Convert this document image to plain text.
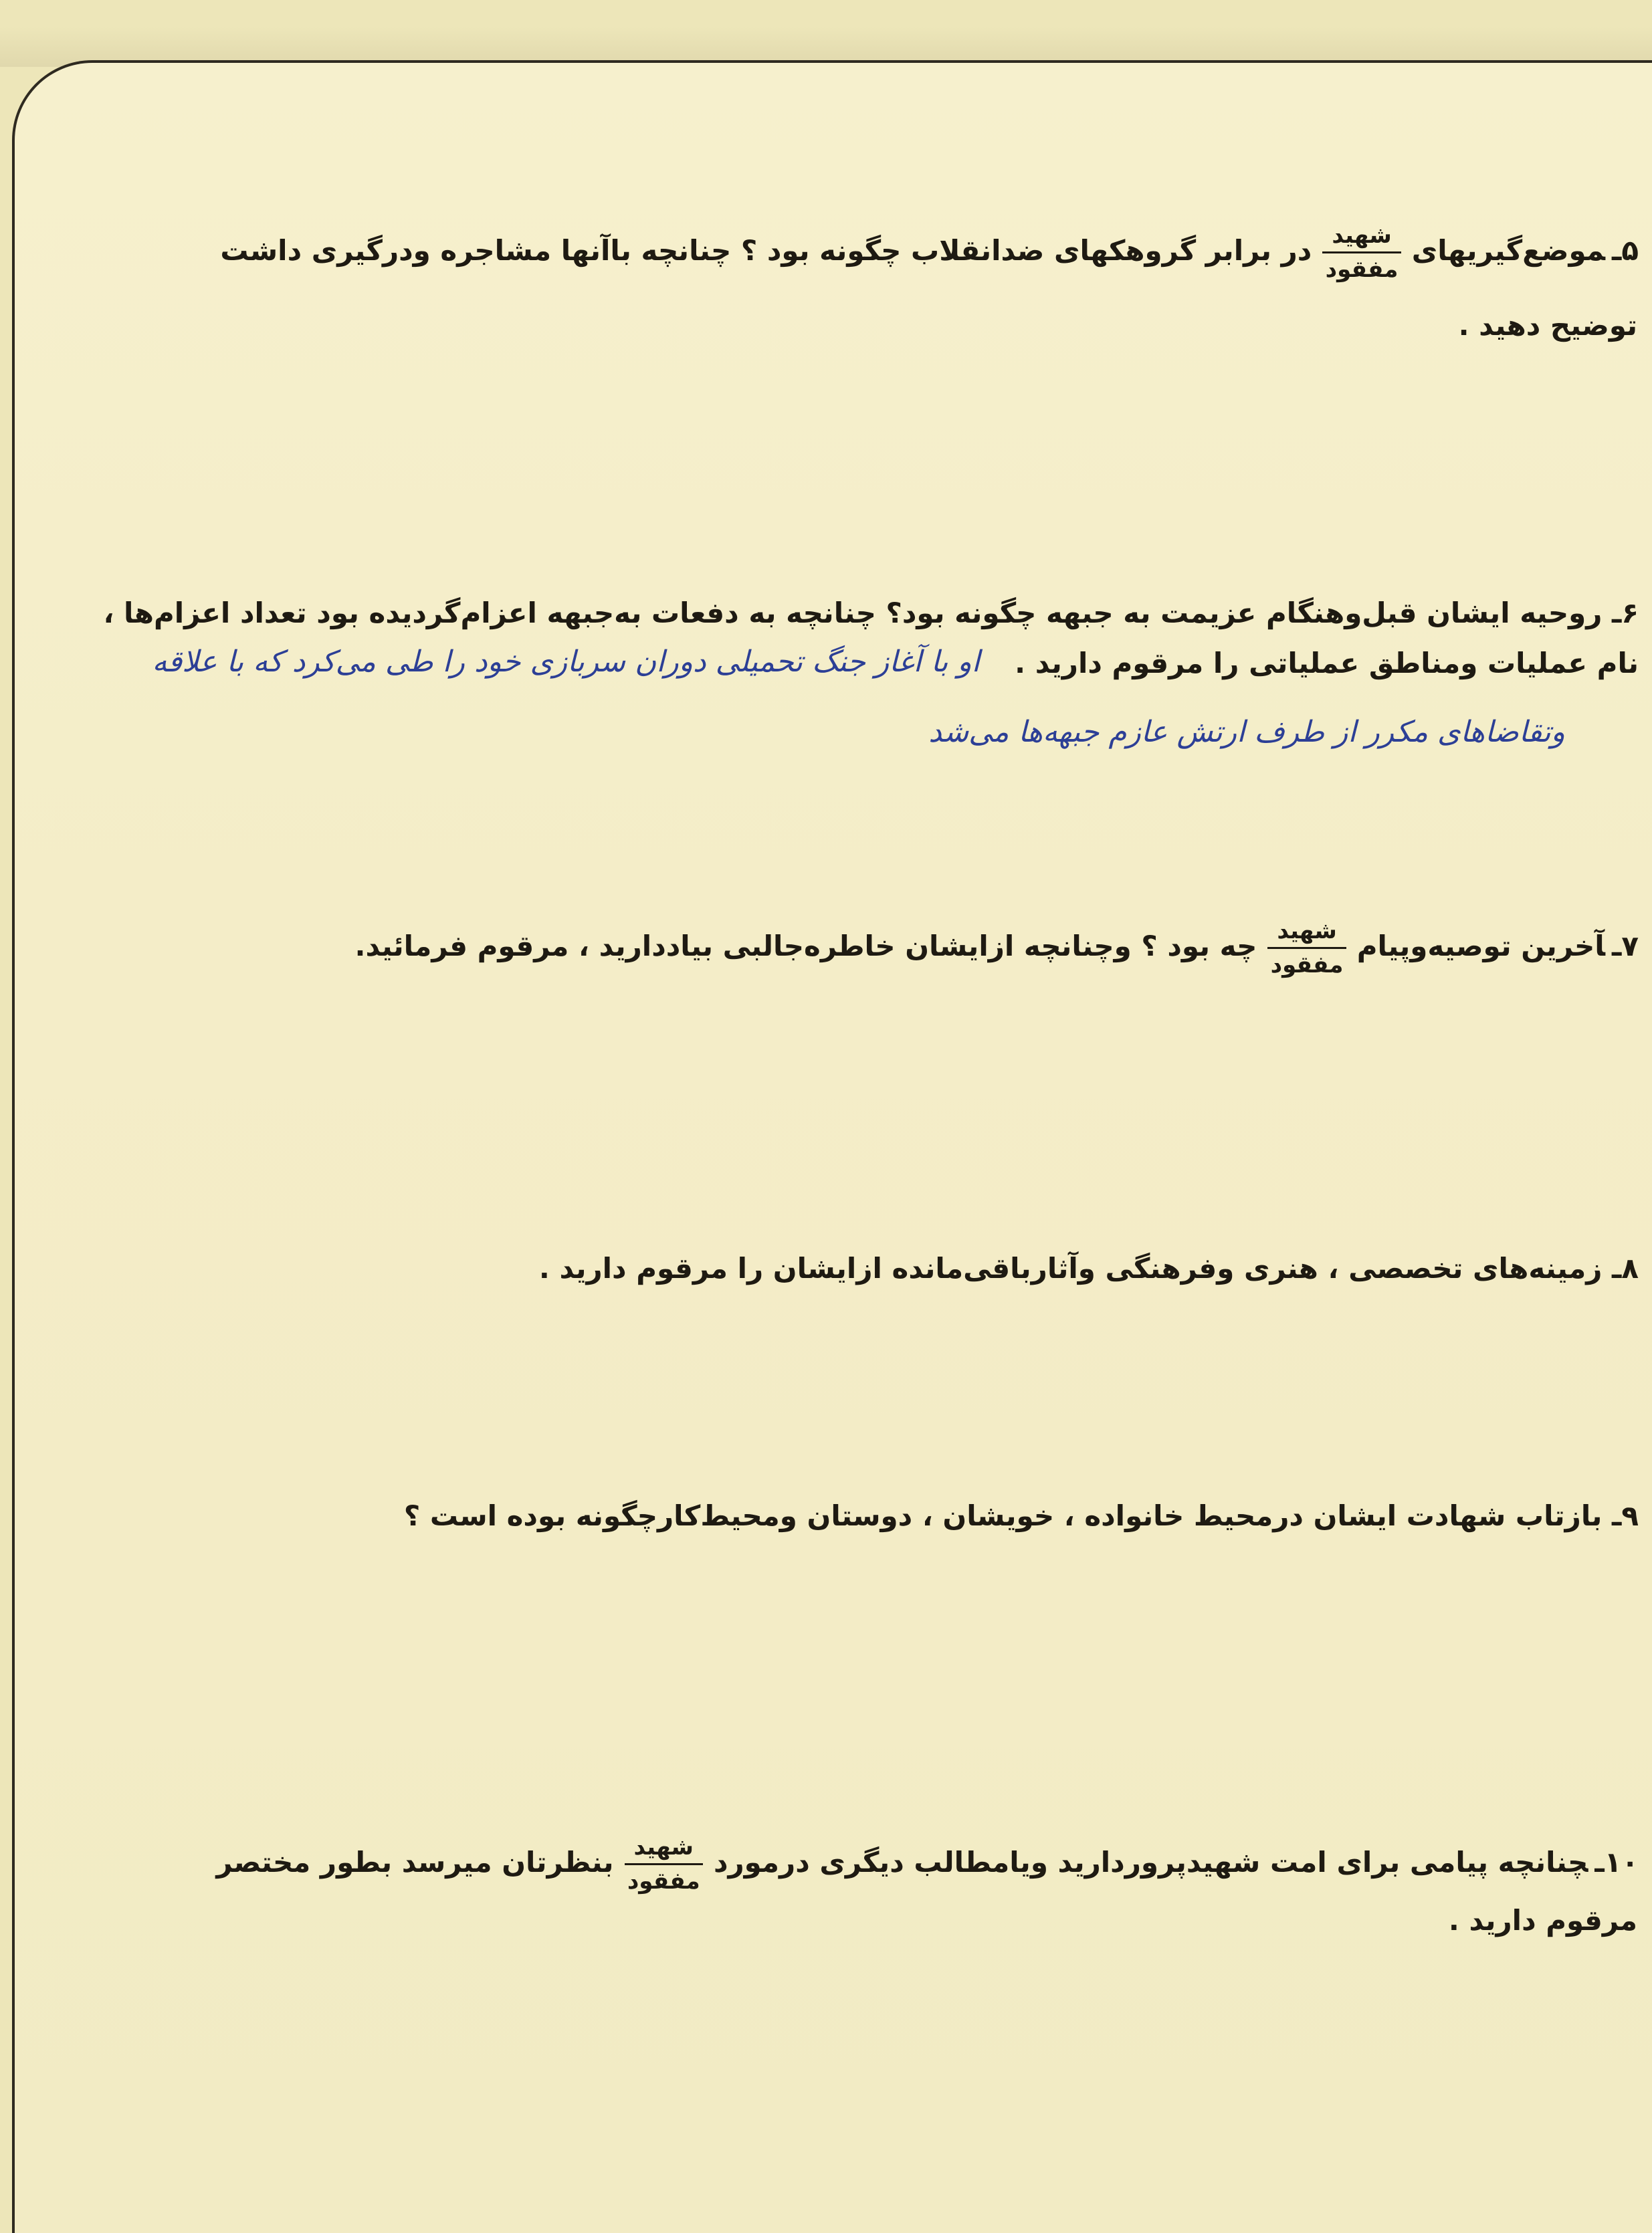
۵ـموضع‌گیریهای
$\frac{\text{شهید}}{\text{مفقود}}$
در برابر گروهکهای ضدانقلاب چگونه بود ؟ چنانچه باآنها مشاجره ودرگیری داشت
توضیح دهید .
۶ـ روحیه ایشان قبل‌وهنگام عزیمت به جبهه چگونه بود؟ چنانچه به دفعات به‌جبهه اعزام‌گردیده بود تعداد اعزام‌ها ،
نام عملیات ومناطق عملیاتی را مرقوم دارید .
او با آغاز جنگ تحمیلی دوران سربازی خود را طی می‌کرد که با علاقه
وتقاضاهای مکرر از طرف ارتش عازم جبهه‌ها می‌شد
۷ـآخرین توصیه‌وپیام
$\frac{\text{شهید}}{\text{مفقود}}$
چه بود ؟ وچنانچه ازایشان خاطره‌جالبی بیاددارید ، مرقوم فرمائید.
۸ـ زمینه‌های تخصصی ، هنری وفرهنگی وآثارباقی‌مانده ازایشان را مرقوم دارید .
۹ـ بازتاب شهادت ایشان درمحیط خانواده ، خویشان ، دوستان ومحیط‌کارچگونه بوده است ؟
۱۰ـچنانچه پیامی برای امت شهیدپروردارید ویامطالب دیگری درمورد
$\frac{\text{شهید}}{\text{مفقود}}$
بنظرتان میرسد بطور مختصر
مرقوم دارید .
